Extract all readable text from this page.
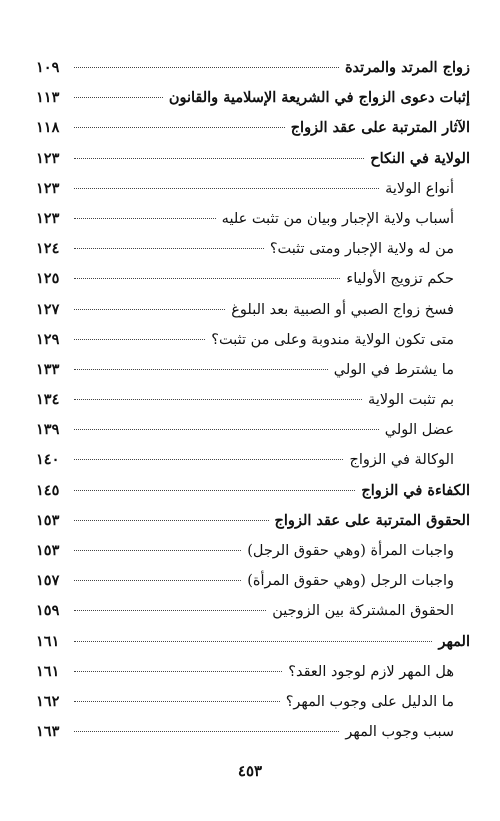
زواج المرتد والمرتدة
١٠٩
إثبات دعوى الزواج في الشريعة الإسلامية والقانون
١١٣
الآثار المترتبة على عقد الزواج
١١٨
الولاية في النكاح
١٢٣
أنواع الولاية
١٢٣
أسباب ولاية الإجبار وبيان من تثبت عليه
١٢٣
من له ولاية الإجبار ومتى تثبت؟
١٢٤
حكم تزويج الأولياء
١٢٥
فسخ زواج الصبي أو الصبية بعد البلوغ
١٢٧
متى تكون الولاية مندوبة وعلى من تثبت؟
١٢٩
ما يشترط في الولي
١٣٣
بم تثبت الولاية
١٣٤
عضل الولي
١٣٩
الوكالة في الزواج
١٤٠
الكفاءة في الزواج
١٤٥
الحقوق المترتبة على عقد الزواج
١٥٣
واجبات المرأة (وهي حقوق الرجل)
١٥٣
واجبات الرجل (وهي حقوق المرأة)
١٥٧
الحقوق المشتركة بين الزوجين
١٥٩
المهر
١٦١
هل المهر لازم لوجود العقد؟
١٦١
ما الدليل على وجوب المهر؟
١٦٢
سبب وجوب المهر
١٦٣
٤٥٣
